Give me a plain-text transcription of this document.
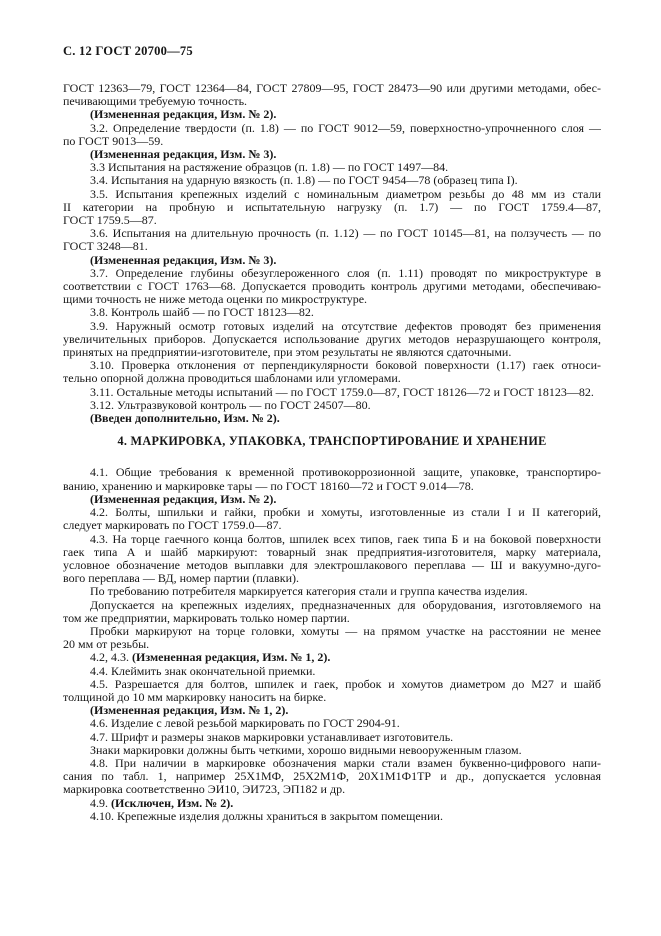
С. 12 ГОСТ 20700—75
ГОСТ 12363—79, ГОСТ 12364—84, ГОСТ 27809—95, ГОСТ 28473—90 или другими методами, обес-
печивающими требуемую точность.
(Измененная редакция, Изм. № 2).
3.2. Определение твердости (п. 1.8) — по ГОСТ 9012—59, поверхностно-упрочненного слоя —
по ГОСТ 9013—59.
(Измененная редакция, Изм. № 3).
3.3 Испытания на растяжение образцов (п. 1.8) — по ГОСТ 1497—84.
3.4. Испытания на ударную вязкость (п. 1.8) — по ГОСТ 9454—78 (образец типа I).
3.5. Испытания крепежных изделий с номинальным диаметром резьбы до 48 мм из стали
II категории на пробную и испытательную нагрузку (п. 1.7) — по ГОСТ 1759.4—87,
ГОСТ 1759.5—87.
3.6. Испытания на длительную прочность (п. 1.12) — по ГОСТ 10145—81, на ползучесть — по
ГОСТ 3248—81.
(Измененная редакция, Изм. № 3).
3.7. Определение глубины обезуглероженного слоя (п. 1.11) проводят по микроструктуре в
соответствии с ГОСТ 1763—68. Допускается проводить контроль другими методами, обеспечиваю-
щими точность не ниже метода оценки по микроструктуре.
3.8. Контроль шайб — по ГОСТ 18123—82.
3.9. Наружный осмотр готовых изделий на отсутствие дефектов проводят без применения
увеличительных приборов. Допускается использование других методов неразрушающего контроля,
принятых на предприятии-изготовителе, при этом результаты не являются сдаточными.
3.10. Проверка отклонения от перпендикулярности боковой поверхности (1.17) гаек относи-
тельно опорной должна проводиться шаблонами или угломерами.
3.11. Остальные методы испытаний — по ГОСТ 1759.0—87, ГОСТ 18126—72 и ГОСТ 18123—82.
3.12. Ультразвуковой контроль — по ГОСТ 24507—80.
(Введен дополнительно, Изм. № 2).
4. МАРКИРОВКА, УПАКОВКА, ТРАНСПОРТИРОВАНИЕ И ХРАНЕНИЕ
4.1. Общие требования к временной противокоррозионной защите, упаковке, транспортиро-
ванию, хранению и маркировке тары — по ГОСТ 18160—72 и ГОСТ 9.014—78.
(Измененная редакция, Изм. № 2).
4.2. Болты, шпильки и гайки, пробки и хомуты, изготовленные из стали I и II категорий,
следует маркировать по ГОСТ 1759.0—87.
4.3. На торце гаечного конца болтов, шпилек всех типов, гаек типа Б и на боковой поверхности
гаек типа А и шайб маркируют: товарный знак предприятия-изготовителя, марку материала,
условное обозначение методов выплавки для электрошлакового переплава — Ш и вакуумно-дуго-
вого переплава — ВД, номер партии (плавки).
По требованию потребителя маркируется категория стали и группа качества изделия.
Допускается на крепежных изделиях, предназначенных для оборудования, изготовляемого на
том же предприятии, маркировать только номер партии.
Пробки маркируют на торце головки, хомуты — на прямом участке на расстоянии не менее
20 мм от резьбы.
4.2, 4.3. (Измененная редакция, Изм. № 1, 2).
4.4. Клеймить знак окончательной приемки.
4.5. Разрешается для болтов, шпилек и гаек, пробок и хомутов диаметром до М27 и шайб
толщиной до 10 мм маркировку наносить на бирке.
(Измененная редакция, Изм. № 1, 2).
4.6. Изделие с левой резьбой маркировать по ГОСТ 2904-91.
4.7. Шрифт и размеры знаков маркировки устанавливает изготовитель.
Знаки маркировки должны быть четкими, хорошо видными невооруженным глазом.
4.8. При наличии в маркировке обозначения марки стали взамен буквенно-цифрового напи-
сания по табл. 1, например 25Х1МФ, 25Х2М1Ф, 20Х1М1Ф1ТР и др., допускается условная
маркировка соответственно ЭИ10, ЭИ723, ЭП182 и др.
4.9. (Исключен, Изм. № 2).
4.10. Крепежные изделия должны храниться в закрытом помещении.
